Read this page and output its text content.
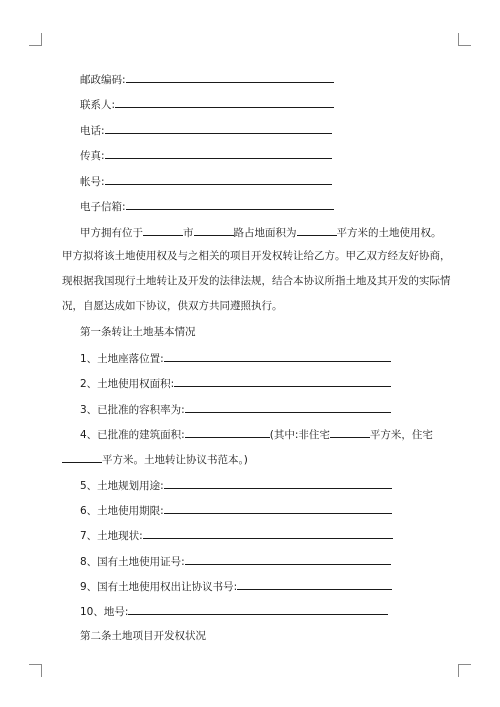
邮政编码:
联系人:
电话:
传真:
帐号:
电子信箱:
甲方拥有位于	市	路占地面积为	平方米的土地使用权。
甲方拟将该土地使用权及与之相关的项目开发权转让给乙方。甲乙双方经友好协商，
现根据我国现行土地转让及开发的法律法规，结合本协议所指土地及其开发的实际情
况，自愿达成如下协议，供双方共同遵照执行。
第一条转让土地基本情况
1、土地座落位置:
2、土地使用权面积:
3、已批准的容积率为:
4、已批准的建筑面积:	(其中:非住宅	平方米，住宅
平方米。土地转让协议书范本。)
5、土地规划用途:
6、土地使用期限:
7、土地现状:
8、国有土地使用证号:
9、国有土地使用权出让协议书号:
10、地号:
第二条土地项目开发权状况
